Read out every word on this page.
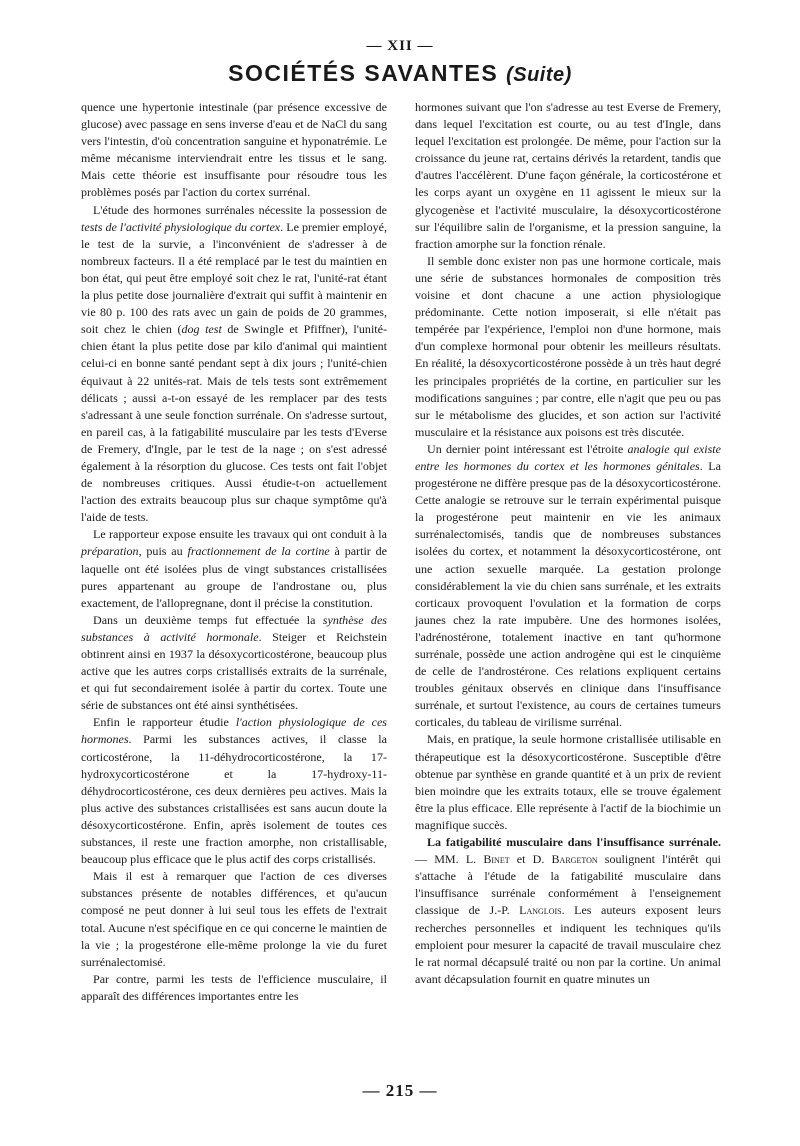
— XII —
SOCIÉTÉS SAVANTES (Suite)

quence une hypertonie intestinale (par présence excessive de glucose) avec passage en sens inverse d'eau et de NaCl du sang vers l'intestin, d'où concentration sanguine et hyponatrémie. Le même mécanisme interviendrait entre les tissus et le sang. Mais cette théorie est insuffisante pour résoudre tous les problèmes posés par l'action du cortex surrénal.

L'étude des hormones surrénales nécessite la possession de tests de l'activité physiologique du cortex. Le premier employé, le test de la survie, a l'inconvénient de s'adresser à de nombreux facteurs. Il a été remplacé par le test du maintien en bon état, qui peut être employé soit chez le rat, l'unité-rat étant la plus petite dose journalière d'extrait qui suffit à maintenir en vie 80 p. 100 des rats avec un gain de poids de 20 grammes, soit chez le chien (dog test de Swingle et Pfiffner), l'unité-chien étant la plus petite dose par kilo d'animal qui maintient celui-ci en bonne santé pendant sept à dix jours ; l'unité-chien équivaut à 22 unités-rat. Mais de tels tests sont extrêmement délicats ; aussi a-t-on essayé de les remplacer par des tests s'adressant à une seule fonction surrénale. On s'adresse surtout, en pareil cas, à la fatigabilité musculaire par les tests d'Everse de Fremery, d'Ingle, par le test de la nage ; on s'est adressé également à la résorption du glucose. Ces tests ont fait l'objet de nombreuses critiques. Aussi étudie-t-on actuellement l'action des extraits beaucoup plus sur chaque symptôme qu'à l'aide de tests.

Le rapporteur expose ensuite les travaux qui ont conduit à la préparation, puis au fractionnement de la cortine à partir de laquelle ont été isolées plus de vingt substances cristallisées pures appartenant au groupe de l'androstane ou, plus exactement, de l'allopregnane, dont il précise la constitution.

Dans un deuxième temps fut effectuée la synthèse des substances à activité hormonale. Steiger et Reichstein obtinrent ainsi en 1937 la désoxycorticostérone, beaucoup plus active que les autres corps cristallisés extraits de la surrénale, et qui fut secondairement isolée à partir du cortex. Toute une série de substances ont été ainsi synthétisées.

Enfin le rapporteur étudie l'action physiologique de ces hormones. Parmi les substances actives, il classe la corticostérone, la 11-déhydrocorticostérone, la 17-hydroxycorticostérone et la 17-hydroxy-11-déhydrocorticostérone, ces deux dernières peu actives. Mais la plus active des substances cristallisées est sans aucun doute la désoxycorticostérone. Enfin, après isolement de toutes ces substances, il reste une fraction amorphe, non cristallisable, beaucoup plus efficace que le plus actif des corps cristallisés.

Mais il est à remarquer que l'action de ces diverses substances présente de notables différences, et qu'aucun composé ne peut donner à lui seul tous les effets de l'extrait total. Aucune n'est spécifique en ce qui concerne le maintien de la vie ; la progestérone elle-même prolonge la vie du furet surrénalectomisé.

Par contre, parmi les tests de l'efficience musculaire, il apparaît des différences importantes entre les

hormones suivant que l'on s'adresse au test Everse de Fremery, dans lequel l'excitation est courte, ou au test d'Ingle, dans lequel l'excitation est prolongée. De même, pour l'action sur la croissance du jeune rat, certains dérivés la retardent, tandis que d'autres l'accélèrent. D'une façon générale, la corticostérone et les corps ayant un oxygène en 11 agissent le mieux sur la glycogenèse et l'activité musculaire, la désoxycorticostérone sur l'équilibre salin de l'organisme, et la pression sanguine, la fraction amorphe sur la fonction rénale.

Il semble donc exister non pas une hormone corticale, mais une série de substances hormonales de composition très voisine et dont chacune a une action physiologique prédominante. Cette notion imposerait, si elle n'était pas tempérée par l'expérience, l'emploi non d'une hormone, mais d'un complexe hormonal pour obtenir les meilleurs résultats. En réalité, la désoxycorticostérone possède à un très haut degré les principales propriétés de la cortine, en particulier sur les modifications sanguines ; par contre, elle n'agit que peu ou pas sur le métabolisme des glucides, et son action sur l'activité musculaire et la résistance aux poisons est très discutée.

Un dernier point intéressant est l'étroite analogie qui existe entre les hormones du cortex et les hormones génitales. La progestérone ne diffère presque pas de la désoxycorticostérone. Cette analogie se retrouve sur le terrain expérimental puisque la progestérone peut maintenir en vie les animaux surrénalectomisés, tandis que de nombreuses substances isolées du cortex, et notamment la désoxycorticostérone, ont une action sexuelle marquée. La gestation prolonge considérablement la vie du chien sans surrénale, et les extraits corticaux provoquent l'ovulation et la formation de corps jaunes chez la rate impubère. Une des hormones isolées, l'adrénostérone, totalement inactive en tant qu'hormone surrénale, possède une action androgène qui est le cinquième de celle de l'androstérone. Ces relations expliquent certains troubles génitaux observés en clinique dans l'insuffisance surrénale, et surtout l'existence, au cours de certaines tumeurs corticales, du tableau de virilisme surrénal.

Mais, en pratique, la seule hormone cristallisée utilisable en thérapeutique est la désoxycorticostérone. Susceptible d'être obtenue par synthèse en grande quantité et à un prix de revient bien moindre que les extraits totaux, elle se trouve également être la plus efficace. Elle représente à l'actif de la biochimie un magnifique succès.

La fatigabilité musculaire dans l'insuffisance surrénale. — MM. L. Binet et D. Bargeton soulignent l'intérêt qui s'attache à l'étude de la fatigabilité musculaire dans l'insuffisance surrénale conformément à l'enseignement classique de J.-P. Langlois. Les auteurs exposent leurs recherches personnelles et indiquent les techniques qu'ils emploient pour mesurer la capacité de travail musculaire chez le rat normal décapsulé traité ou non par la cortine. Un animal avant décapsulation fournit en quatre minutes un

— 215 —
